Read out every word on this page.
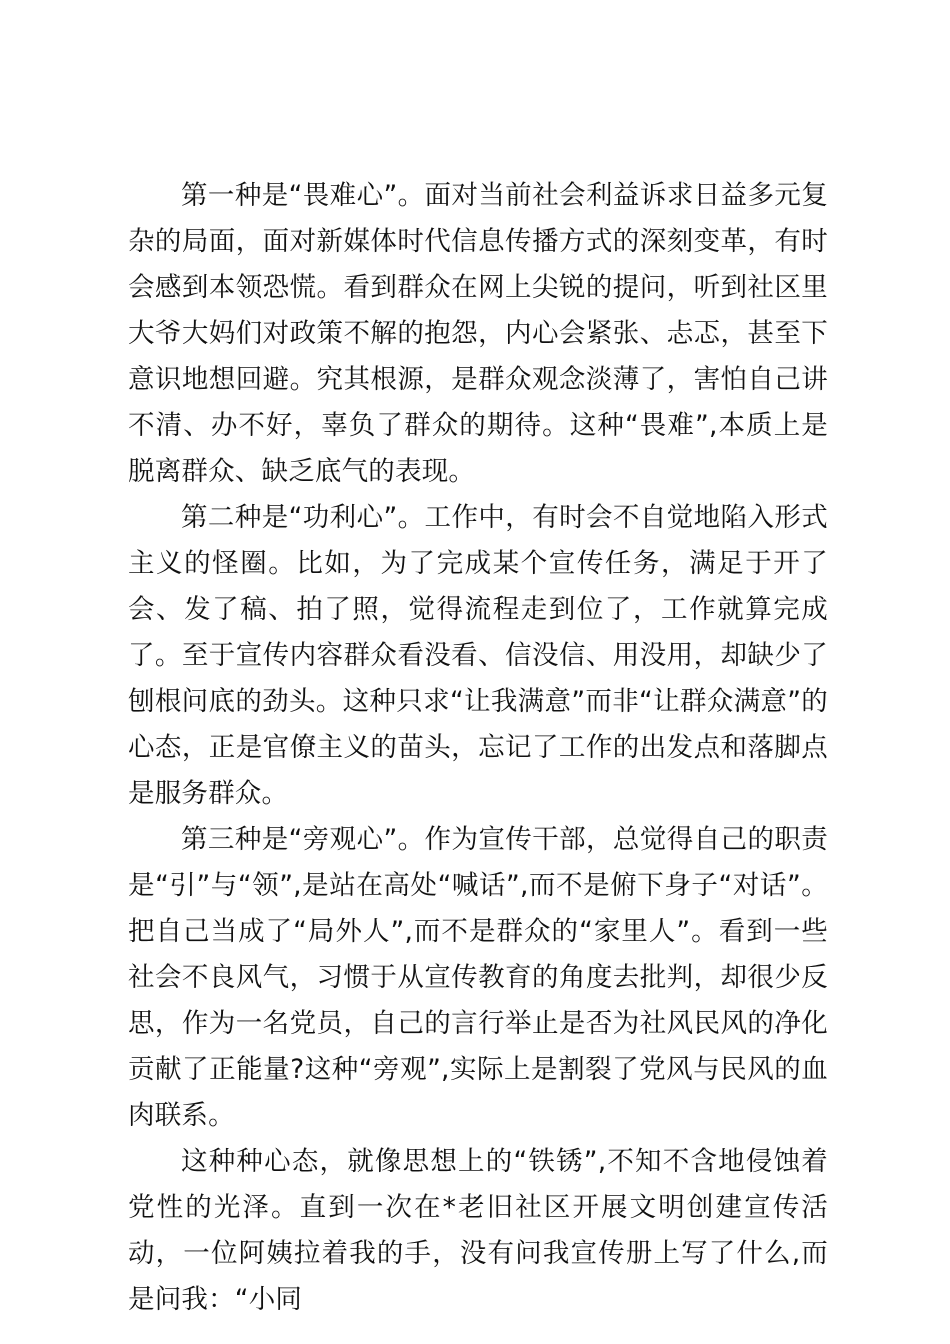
第一种是“畏难心”。面对当前社会利益诉求日益多元复杂的局面，面对新媒体时代信息传播方式的深刻变革，有时会感到本领恐慌。看到群众在网上尖锐的提问，听到社区里大爷大妈们对政策不解的抱怨，内心会紧张、忐忑，甚至下意识地想回避。究其根源，是群众观念淡薄了，害怕自己讲不清、办不好，辜负了群众的期待。这种“畏难”,本质上是脱离群众、缺乏底气的表现。

第二种是“功利心”。工作中，有时会不自觉地陷入形式主义的怪圈。比如，为了完成某个宣传任务，满足于开了会、发了稿、拍了照，觉得流程走到位了，工作就算完成了。至于宣传内容群众看没看、信没信、用没用，却缺少了刨根问底的劲头。这种只求“让我满意”而非“让群众满意”的心态，正是官僚主义的苗头，忘记了工作的出发点和落脚点是服务群众。

第三种是“旁观心”。作为宣传干部，总觉得自己的职责是“引”与“领”,是站在高处“喊话”,而不是俯下身子“对话”。把自己当成了“局外人”,而不是群众的“家里人”。看到一些社会不良风气，习惯于从宣传教育的角度去批判，却很少反思，作为一名党员，自己的言行举止是否为社风民风的净化贡献了正能量?这种“旁观”,实际上是割裂了党风与民风的血肉联系。

这种种心态，就像思想上的“铁锈”,不知不含地侵蚀着党性的光泽。直到一次在*老旧社区开展文明创建宣传活动，一位阿姨拉着我的手，没有问我宣传册上写了什么,而是问我：“小同
